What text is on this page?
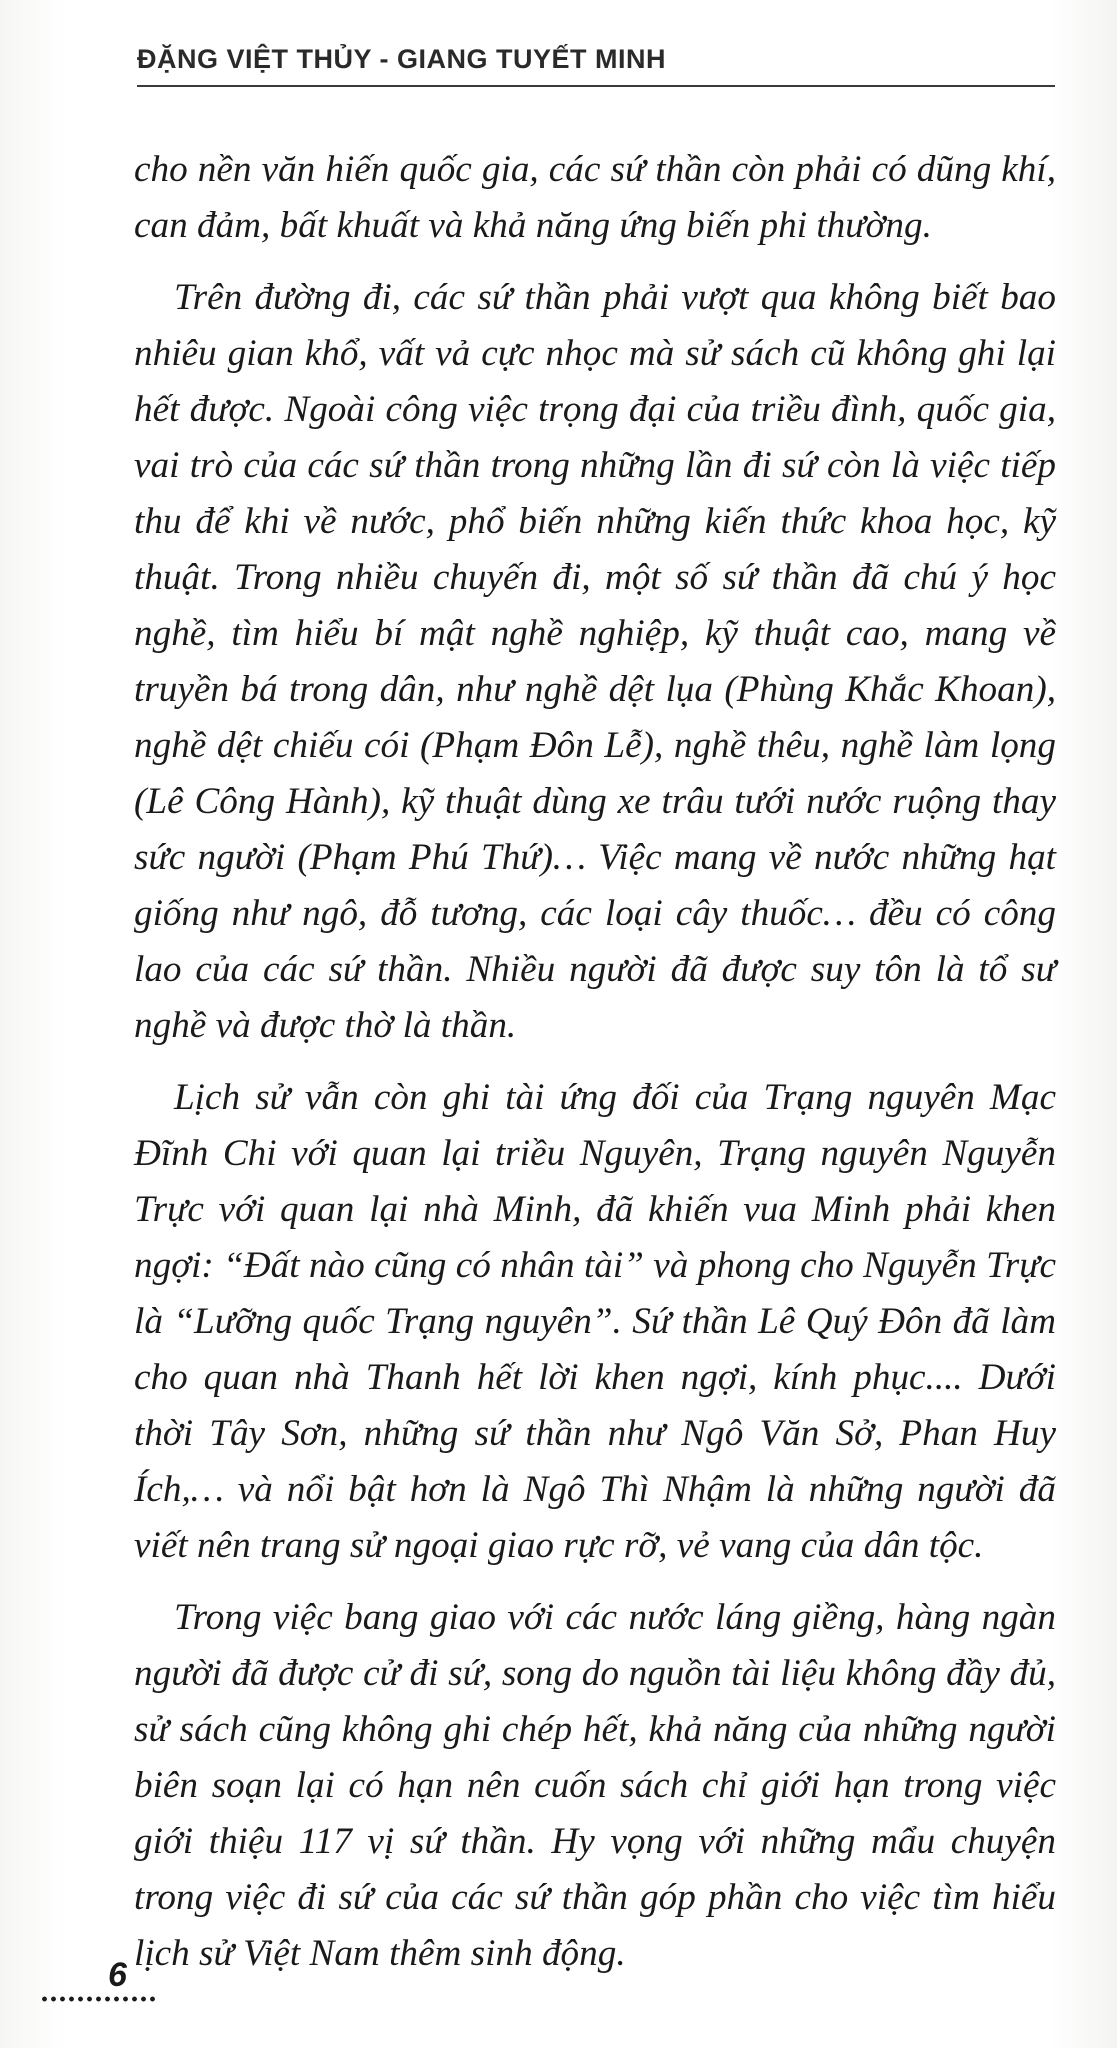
ĐẶNG VIỆT THỦY - GIANG TUYẾT MINH

cho nền văn hiến quốc gia, các sứ thần còn phải có dũng khí, can đảm, bất khuất và khả năng ứng biến phi thường.

Trên đường đi, các sứ thần phải vượt qua không biết bao nhiêu gian khổ, vất vả cực nhọc mà sử sách cũ không ghi lại hết được. Ngoài công việc trọng đại của triều đình, quốc gia, vai trò của các sứ thần trong những lần đi sứ còn là việc tiếp thu để khi về nước, phổ biến những kiến thức khoa học, kỹ thuật. Trong nhiều chuyến đi, một số sứ thần đã chú ý học nghề, tìm hiểu bí mật nghề nghiệp, kỹ thuật cao, mang về truyền bá trong dân, như nghề dệt lụa (Phùng Khắc Khoan), nghề dệt chiếu cói (Phạm Đôn Lễ), nghề thêu, nghề làm lọng (Lê Công Hành), kỹ thuật dùng xe trâu tưới nước ruộng thay sức người (Phạm Phú Thứ)… Việc mang về nước những hạt giống như ngô, đỗ tương, các loại cây thuốc… đều có công lao của các sứ thần. Nhiều người đã được suy tôn là tổ sư nghề và được thờ là thần.

Lịch sử vẫn còn ghi tài ứng đối của Trạng nguyên Mạc Đĩnh Chi với quan lại triều Nguyên, Trạng nguyên Nguyễn Trực với quan lại nhà Minh, đã khiến vua Minh phải khen ngợi: “Đất nào cũng có nhân tài” và phong cho Nguyễn Trực là “Lưỡng quốc Trạng nguyên”. Sứ thần Lê Quý Đôn đã làm cho quan nhà Thanh hết lời khen ngợi, kính phục.... Dưới thời Tây Sơn, những sứ thần như Ngô Văn Sở, Phan Huy Ích,… và nổi bật hơn là Ngô Thì Nhậm là những người đã viết nên trang sử ngoại giao rực rỡ, vẻ vang của dân tộc.

Trong việc bang giao với các nước láng giềng, hàng ngàn người đã được cử đi sứ, song do nguồn tài liệu không đầy đủ, sử sách cũng không ghi chép hết, khả năng của những người biên soạn lại có hạn nên cuốn sách chỉ giới hạn trong việc giới thiệu 117 vị sứ thần. Hy vọng với những mẩu chuyện trong việc đi sứ của các sứ thần góp phần cho việc tìm hiểu lịch sử Việt Nam thêm sinh động.

6
